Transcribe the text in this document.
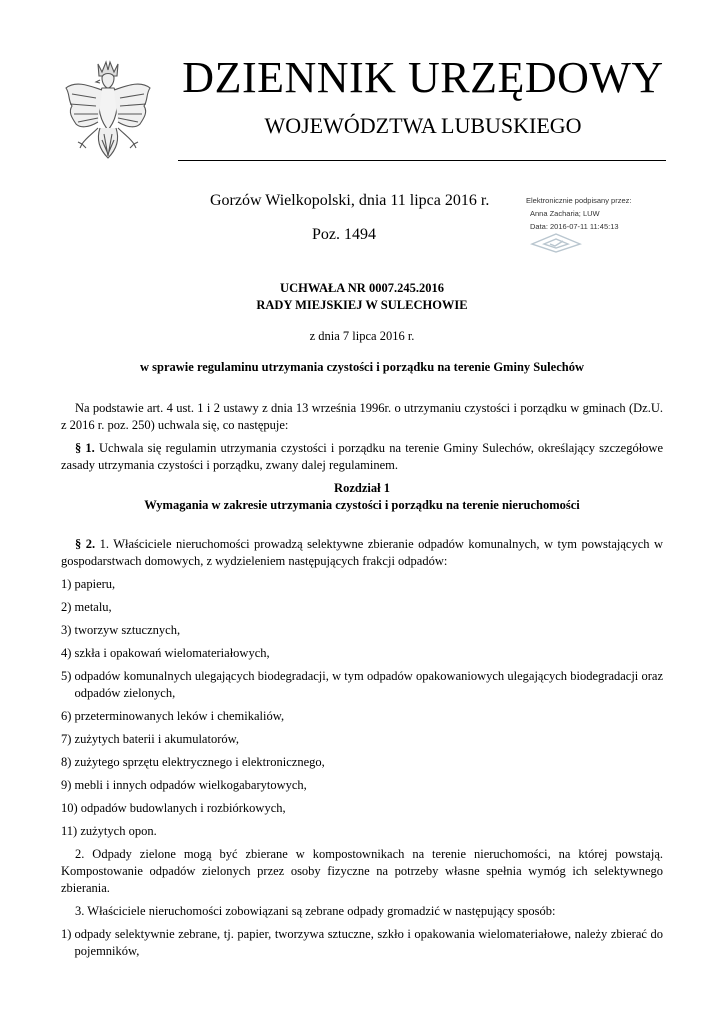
DZIENNIK URZĘDOWY
WOJEWÓDZTWA LUBUSKIEGO
Gorzów Wielkopolski, dnia 11 lipca 2016 r.
Poz. 1494
Elektronicznie podpisany przez:
Anna Zacharia; LUW
Data: 2016-07-11 11:45:13
UCHWAŁA NR 0007.245.2016
RADY MIEJSKIEJ W SULECHOWIE
z dnia 7 lipca 2016 r.
w sprawie regulaminu utrzymania czystości i porządku na terenie Gminy Sulechów

Na podstawie art. 4 ust. 1 i 2 ustawy z dnia 13 września 1996r. o utrzymaniu czystości i porządku w gminach (Dz.U. z 2016 r. poz. 250) uchwala się, co następuje:

§ 1. Uchwala się regulamin utrzymania czystości i porządku na terenie Gminy Sulechów, określający szczegółowe zasady utrzymania czystości i porządku, zwany dalej regulaminem.

Rozdział 1
Wymagania w zakresie utrzymania czystości i porządku na terenie nieruchomości

§ 2. 1. Właściciele nieruchomości prowadzą selektywne zbieranie odpadów komunalnych, w tym powstających w gospodarstwach domowych, z wydzieleniem następujących frakcji odpadów:

1) papieru,
2) metalu,
3) tworzyw sztucznych,
4) szkła i opakowań wielomateriałowych,
5) odpadów komunalnych ulegających biodegradacji, w tym odpadów opakowaniowych ulegających biodegradacji oraz odpadów zielonych,
6) przeterminowanych leków i chemikaliów,
7) zużytych baterii i akumulatorów,
8) zużytego sprzętu elektrycznego i elektronicznego,
9) mebli i innych odpadów wielkogabarytowych,
10) odpadów budowlanych i rozbiórkowych,
11) zużytych opon.

2. Odpady zielone mogą być zbierane w kompostownikach na terenie nieruchomości, na której powstają. Kompostowanie odpadów zielonych przez osoby fizyczne na potrzeby własne spełnia wymóg ich selektywnego zbierania.

3. Właściciele nieruchomości zobowiązani są zebrane odpady gromadzić w następujący sposób:

1) odpady selektywnie zebrane, tj. papier, tworzywa sztuczne, szkło i opakowania wielomateriałowe, należy zbierać do pojemników,
